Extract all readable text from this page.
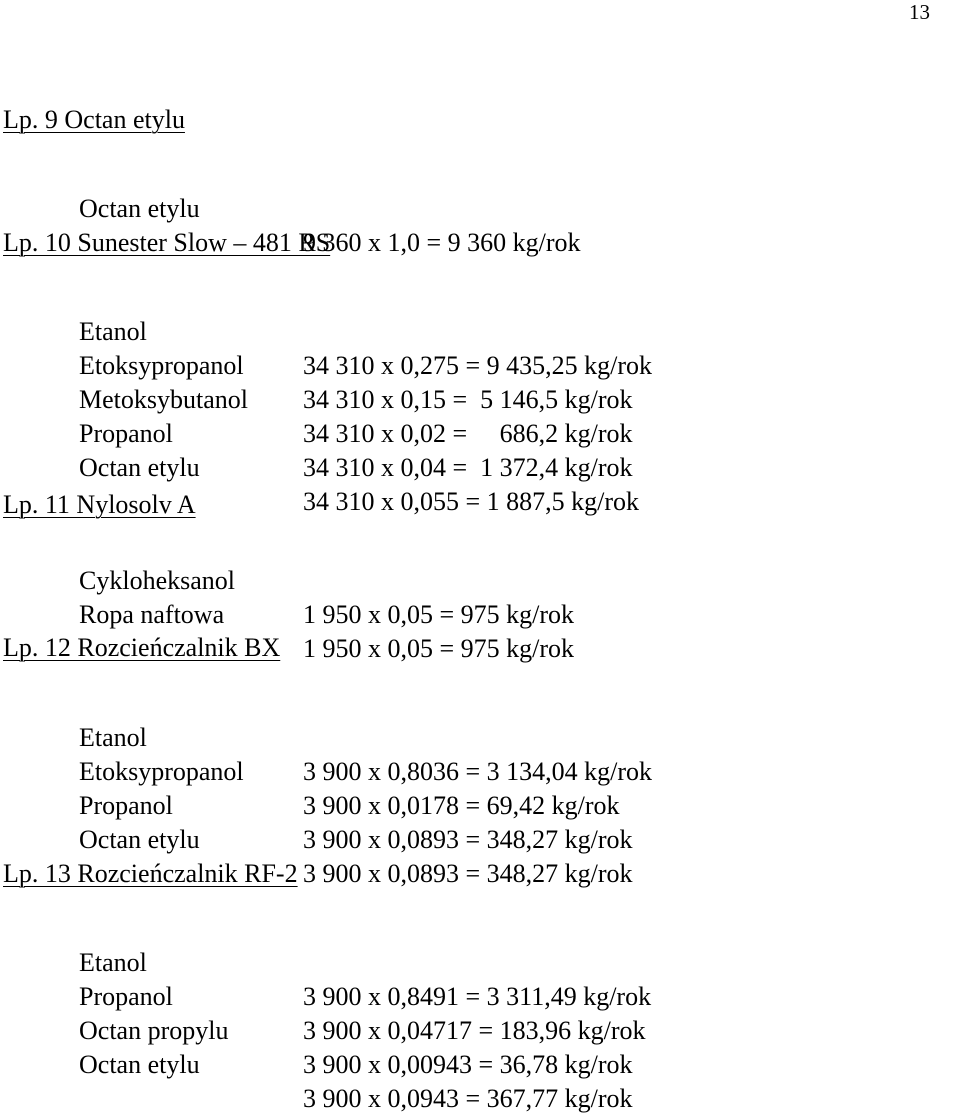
13
Lp. 9 Octan etylu

Octan etylu

9 360 x 1,0 = 9 360 kg/rok

Lp. 10 Sunester Slow – 481 RS

Etanol

34 310 x 0,275 = 9 435,25 kg/rok

Etoksypropanol

34 310 x 0,15 =  5 146,5 kg/rok

Metoksybutanol

34 310 x 0,02 =     686,2 kg/rok

Propanol

34 310 x 0,04 =  1 372,4 kg/rok

Octan etylu

34 310 x 0,055 = 1 887,5 kg/rok

Lp. 11 Nylosolv A

Cykloheksanol

1 950 x 0,05 = 975 kg/rok

Ropa naftowa

1 950 x 0,05 = 975 kg/rok

Lp. 12 Rozcieńczalnik BX

Etanol

3 900 x 0,8036 = 3 134,04 kg/rok

Etoksypropanol

3 900 x 0,0178 = 69,42 kg/rok

Propanol

3 900 x 0,0893 = 348,27 kg/rok

Octan etylu

3 900 x 0,0893 = 348,27 kg/rok

Lp. 13 Rozcieńczalnik RF-2

Etanol

3 900 x 0,8491 = 3 311,49 kg/rok

Propanol

3 900 x 0,04717 = 183,96 kg/rok

Octan propylu

3 900 x 0,00943 = 36,78 kg/rok

Octan etylu

3 900 x 0,0943 = 367,77 kg/rok
